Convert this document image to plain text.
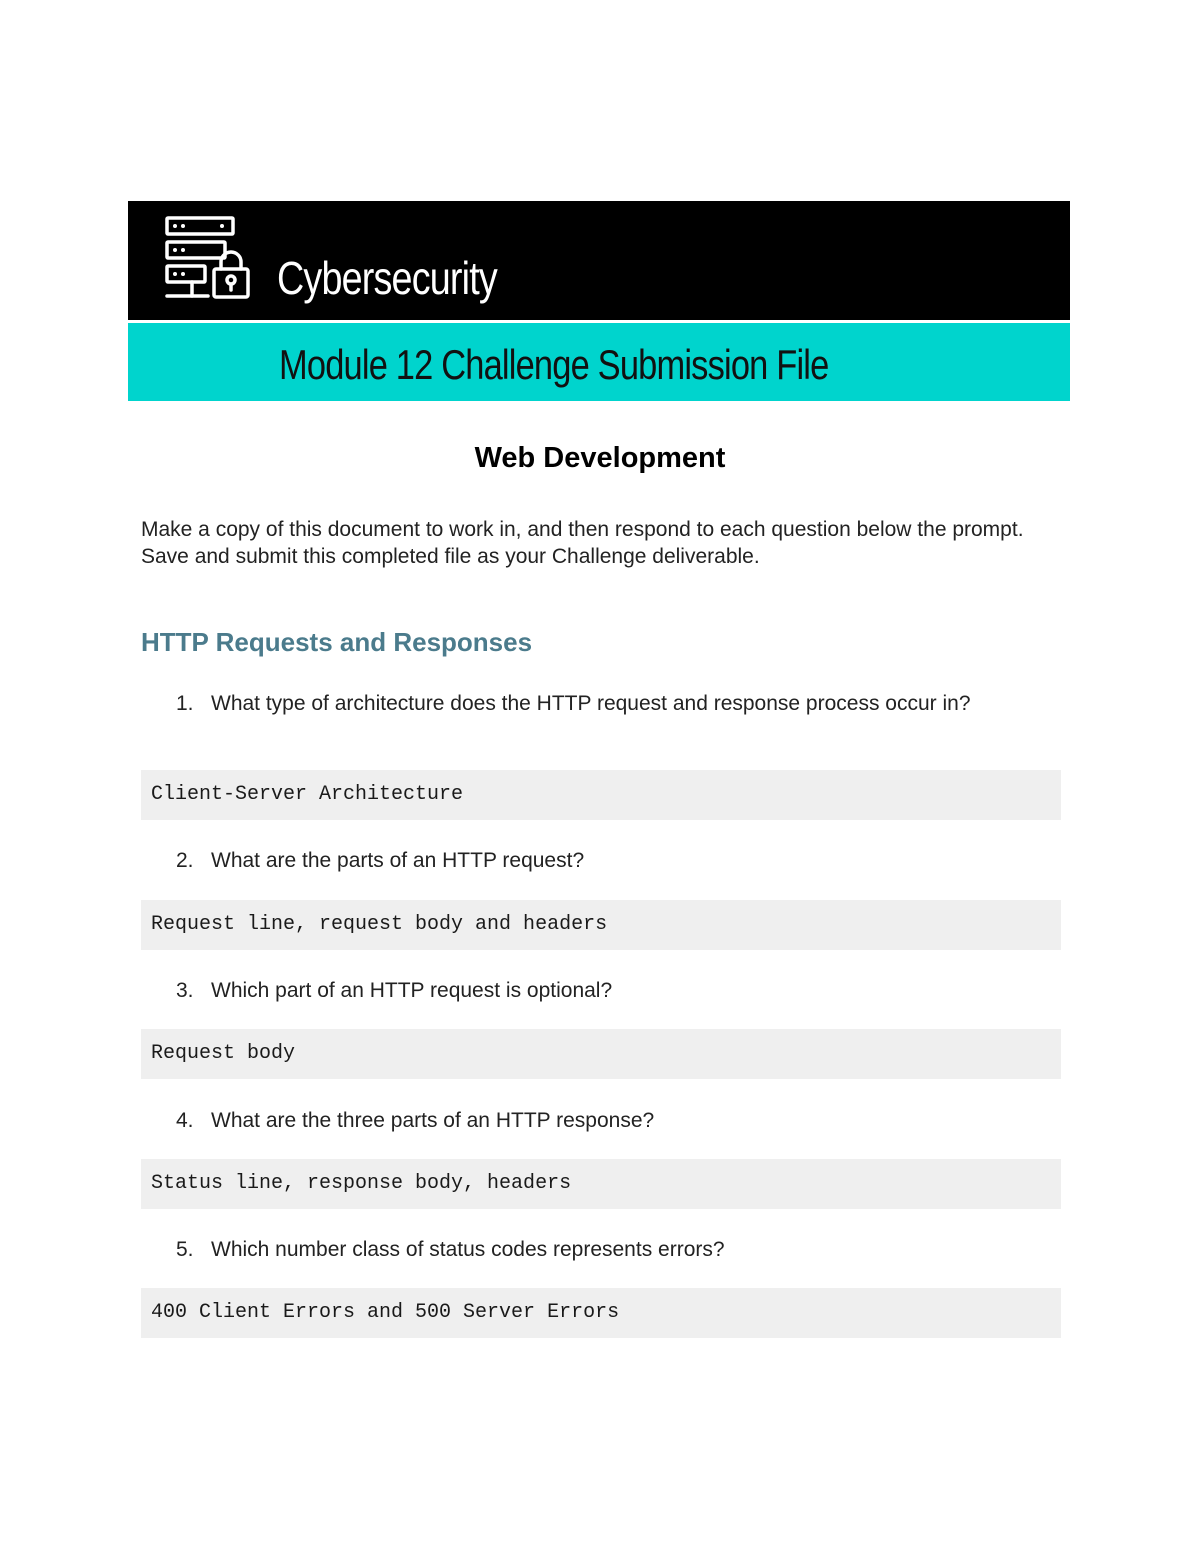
Cybersecurity
Module 12 Challenge Submission File
Web Development
Make a copy of this document to work in, and then respond to each question below the prompt. Save and submit this completed file as your Challenge deliverable.
HTTP Requests and Responses
1. What type of architecture does the HTTP request and response process occur in?
Client-Server Architecture
2. What are the parts of an HTTP request?
Request line, request body and headers
3. Which part of an HTTP request is optional?
Request body
4. What are the three parts of an HTTP response?
Status line, response body, headers
5. Which number class of status codes represents errors?
400 Client Errors and 500 Server Errors
